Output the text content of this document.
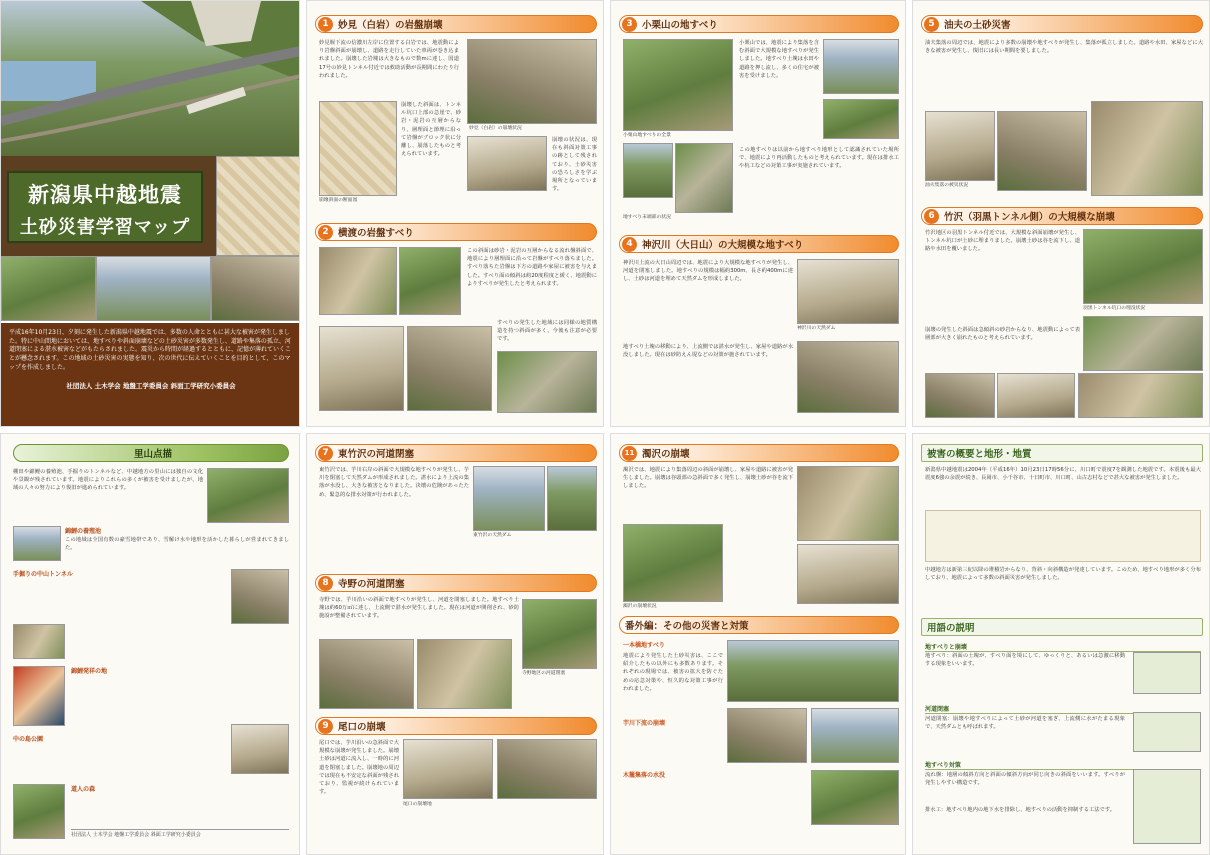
新潟県中越地震
土砂災害学習マップ
平成16年10月23日、夕刻に発生した新潟県中越地震では、多数の人命とともに甚大な被害が発生しました。特に中山間地においては、地すべりや斜面崩壊などの土砂災害が多数発生し、道路や集落の孤立、河道閉塞による湛水被害などがもたらされました。震災から時間が経過するとともに、記憶が薄れていくことが懸念されます。この地域の土砂災害の実態を知り、次の世代に伝えていくことを目的として、このマップを作成しました。
社団法人 土木学会 地盤工学委員会 斜面工学研究小委員会
1 妙見（白岩）の岩盤崩壊
妙見堰下流の信濃川左岸に位置する白岩では、地震動により岩盤斜面が崩壊し、道路を走行していた車両が巻き込まれました。崩壊した岩塊は大きなもので数mに達し、国道17号の妙見トンネル付近では救助活動が長期間にわたり行われました。
妙見（白岩）の崩壊状況
崩壊した斜面は、トンネル坑口上部の急崖で、砂岩・泥岩の互層からなり、層理面と節理に沿って岩盤がブロック状に分離し、崩落したものと考えられています。
崩壊斜面の断面図
崩壊の状況は、現在も斜面対策工事の跡として残されており、土砂災害の恐ろしさを学ぶ場所となっています。
2 横渡の岩盤すべり
この斜面は砂岩・泥岩の互層からなる流れ盤斜面で、地震により層理面に沿って岩盤がすべり落ちました。すべり落ちた岩盤は下方の道路や家屋に被害を与えました。すべり面の傾斜は約20度程度と緩く、地震動によりすべりが発生したと考えられます。
すべりの発生した地域には同様の地質構造を持つ斜面が多く、今後も注意が必要です。
3 小栗山の地すべり
小栗山地すべりの全景
地すべり末端部の状況
小栗山では、地震により集落を含む斜面で大規模な地すべりが発生しました。地すべり土塊は水田や道路を押し流し、多くの住宅が被害を受けました。
この地すべりは以前から地すべり地形として認識されていた場所で、地震により再活動したものと考えられています。現在は排水工や杭工などの対策工事が実施されています。
4 神沢川（大日山）の大規模な地すべり
神沢川上流の大日山周辺では、地震により大規模な地すべりが発生し、河道を閉塞しました。地すべりの規模は幅約300m、長さ約400mに達し、土砂は河道を埋めて天然ダムを形成しました。
神沢川の天然ダム
地すべり土塊の移動により、上流側では湛水が発生し、家屋や道路が水没しました。現在は砂防えん堤などの対策が施されています。
5 油夫の土砂災害
油夫集落の周辺では、地震により多数の崩壊や地すべりが発生し、集落が孤立しました。道路や水田、家屋などに大きな被害が発生し、復旧には長い期間を要しました。
油夫集落の被災状況
6 竹沢（羽黒トンネル側）の大規模な崩壊
竹沢地区の羽黒トンネル付近では、大規模な斜面崩壊が発生し、トンネル坑口が土砂に埋まりました。崩壊土砂は谷を流下し、道路や水田を覆いました。
羽黒トンネル坑口の埋没状況
崩壊の発生した斜面は急傾斜の砂岩からなり、地震動によって表層部が大きく崩れたものと考えられています。
里山点描
棚田や錦鯉の養殖池、手掘りのトンネルなど、中越地方の里山には独自の文化や景観が残されています。地震によりこれらの多くが被害を受けましたが、地域の人々の努力により復旧が進められています。
錦鯉の養殖池
この地域は全国有数の豪雪地帯であり、雪解け水や地形を活かした暮らしが営まれてきました。
手掘りの中山トンネル
錦鯉発祥の地
中の島公園
道人の森
社団法人 土木学会 地盤工学委員会 斜面工学研究小委員会
7 東竹沢の河道閉塞
東竹沢では、芋川右岸の斜面で大規模な地すべりが発生し、芋川を閉塞して天然ダムが形成されました。湛水により上流の集落が水没し、大きな被害となりました。決壊の危険があったため、緊急的な排水対策が行われました。
東竹沢の天然ダム
8 寺野の河道閉塞
寺野では、芋川沿いの斜面で地すべりが発生し、河道を閉塞しました。地すべり土塊は約60万㎥に達し、上流側で湛水が発生しました。現在は河道が開削され、砂防施設が整備されています。
寺野地区の河道閉塞
9 尾口の崩壊
尾口では、芋川沿いの急斜面で大規模な崩壊が発生しました。崩壊土砂は河道に流入し、一時的に河道を閉塞しました。崩壊地の周辺では現在も不安定な斜面が残されており、監視が続けられています。
尾口の崩壊地
11 濁沢の崩壊
濁沢では、地震により集落周辺の斜面が崩壊し、家屋や道路に被害が発生しました。崩壊は谷頭部の急斜面で多く発生し、崩壊土砂が谷を流下しました。
濁沢の崩壊状況
番外編：その他の災害と対策
一本橋地すべり
地震により発生した土砂災害は、ここで紹介したもの以外にも多数あります。それぞれの現場では、被害の拡大を防ぐための応急対策や、恒久的な対策工事が行われました。
芋川下流の崩壊
木籠集落の水没
被害の概要と地形・地質
新潟県中越地震は2004年（平成16年）10月23日17時56分に、川口町で震度7を観測した地震です。本震後も最大震度6強の余震が続き、長岡市、小千谷市、十日町市、川口町、山古志村などで甚大な被害が発生しました。
中越地方は新第三紀以降の堆積岩からなり、背斜・向斜構造が発達しています。このため、地すべり地形が多く分布しており、地震によって多数の斜面災害が発生しました。
用語の説明
地すべりと崩壊
地すべり：斜面の土塊が、すべり面を境にして、ゆっくりと、あるいは急激に移動する現象をいいます。
河道閉塞
河道閉塞：崩壊や地すべりによって土砂が河道を塞ぎ、上流側に水がたまる現象で、天然ダムとも呼ばれます。
地すべり対策
流れ盤：地層の傾斜方向と斜面の傾斜方向が同じ向きの斜面をいいます。すべりが発生しやすい構造です。
排水工：地すべり地内の地下水を排除し、地すべりの活動を抑制する工法です。
